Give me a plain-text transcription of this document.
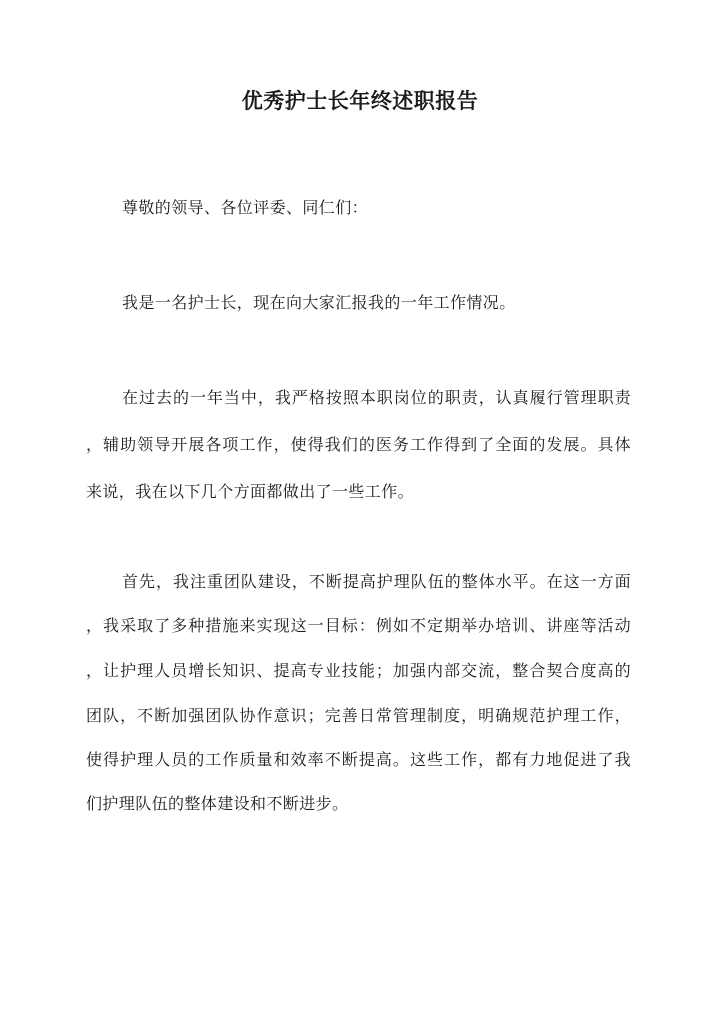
优秀护士长年终述职报告
尊敬的领导、各位评委、同仁们：
我是一名护士长，现在向大家汇报我的一年工作情况。
在过去的一年当中，我严格按照本职岗位的职责，认真履行管理职责
，辅助领导开展各项工作，使得我们的医务工作得到了全面的发展。具体
来说，我在以下几个方面都做出了一些工作。
首先，我注重团队建设，不断提高护理队伍的整体水平。在这一方面
，我采取了多种措施来实现这一目标：例如不定期举办培训、讲座等活动
，让护理人员增长知识、提高专业技能；加强内部交流，整合契合度高的
团队，不断加强团队协作意识；完善日常管理制度，明确规范护理工作，
使得护理人员的工作质量和效率不断提高。这些工作，都有力地促进了我
们护理队伍的整体建设和不断进步。
